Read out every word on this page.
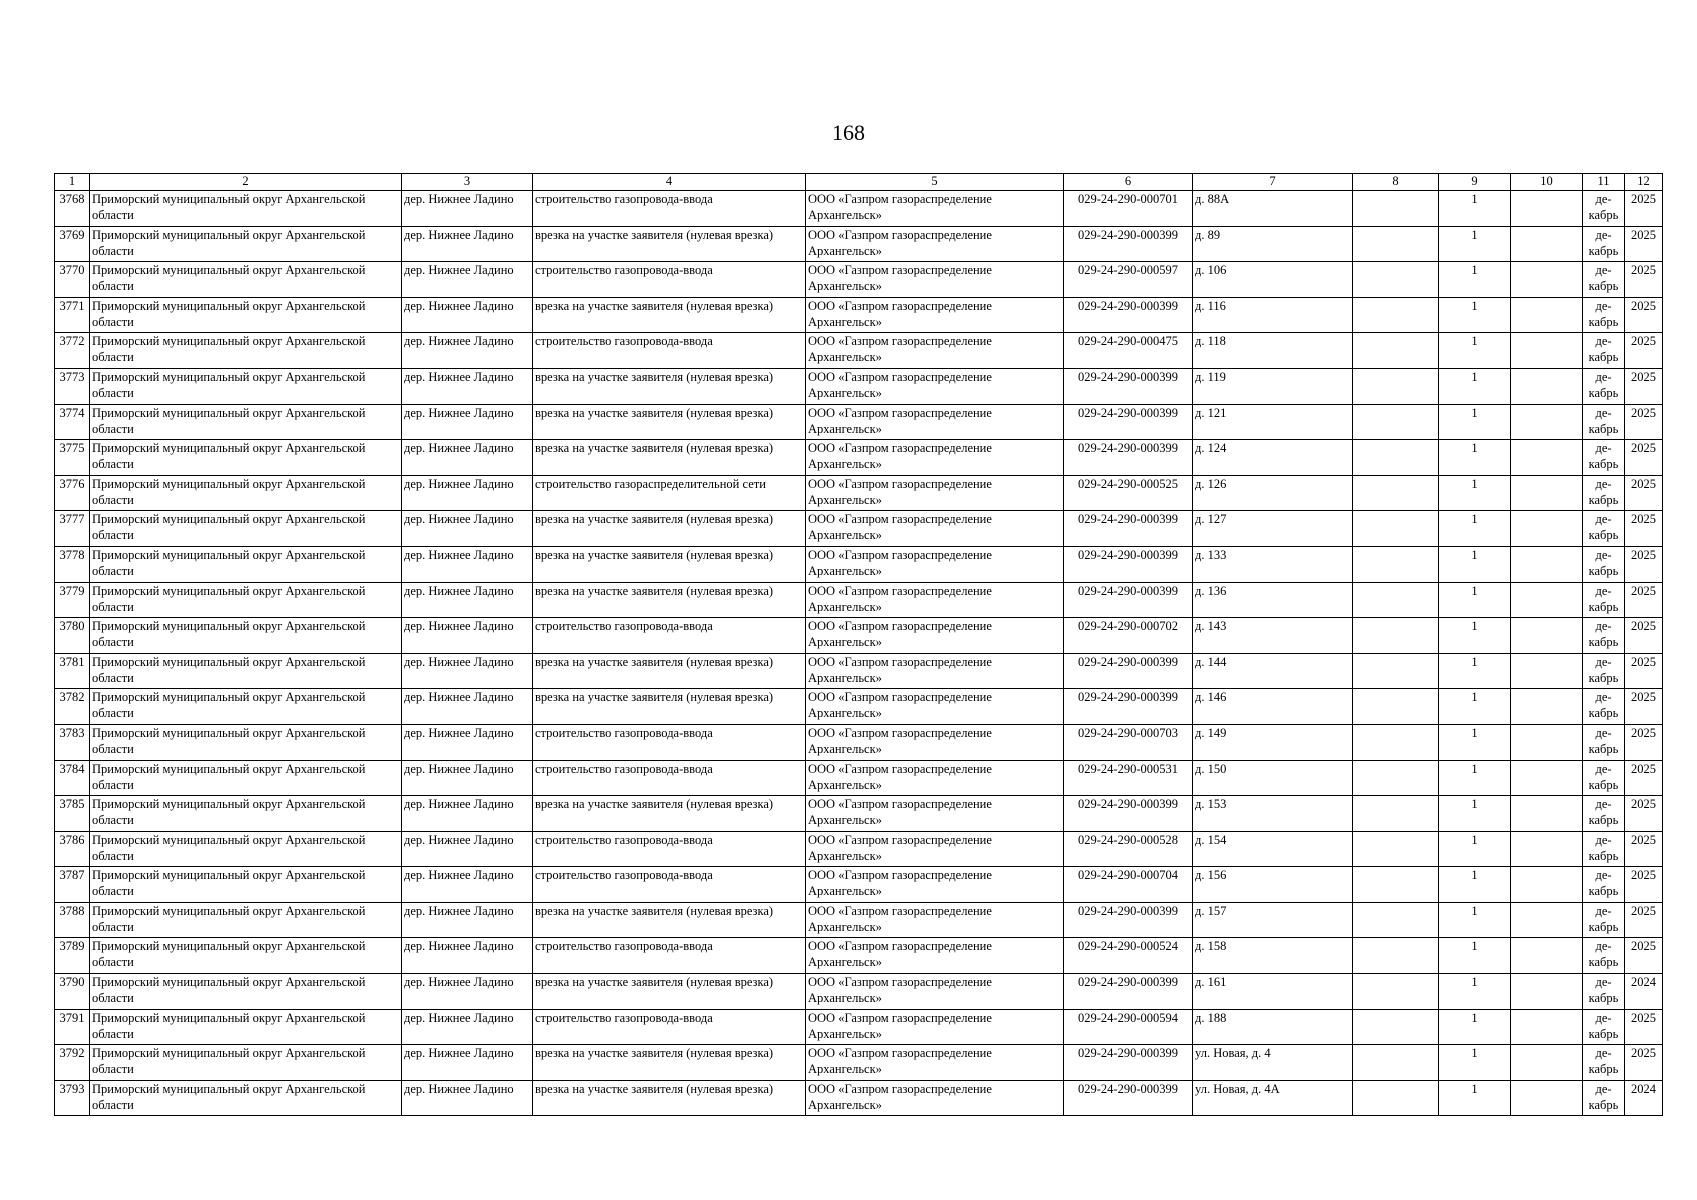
168
1	2	3	4	5	6	7	8	9	10	11	12
3768	Приморский муниципальный округ Архангельской области	дер. Нижнее Ладино	строительство газопровода-ввода	ООО «Газпром газораспределение Архангельск»	029-24-290-000701	д. 88А		1		де-кабрь	2025
3769	Приморский муниципальный округ Архангельской области	дер. Нижнее Ладино	врезка на участке заявителя (нулевая врезка)	ООО «Газпром газораспределение Архангельск»	029-24-290-000399	д. 89		1		де-кабрь	2025
3770	Приморский муниципальный округ Архангельской области	дер. Нижнее Ладино	строительство газопровода-ввода	ООО «Газпром газораспределение Архангельск»	029-24-290-000597	д. 106		1		де-кабрь	2025
3771	Приморский муниципальный округ Архангельской области	дер. Нижнее Ладино	врезка на участке заявителя (нулевая врезка)	ООО «Газпром газораспределение Архангельск»	029-24-290-000399	д. 116		1		де-кабрь	2025
3772	Приморский муниципальный округ Архангельской области	дер. Нижнее Ладино	строительство газопровода-ввода	ООО «Газпром газораспределение Архангельск»	029-24-290-000475	д. 118		1		де-кабрь	2025
3773	Приморский муниципальный округ Архангельской области	дер. Нижнее Ладино	врезка на участке заявителя (нулевая врезка)	ООО «Газпром газораспределение Архангельск»	029-24-290-000399	д. 119		1		де-кабрь	2025
3774	Приморский муниципальный округ Архангельской области	дер. Нижнее Ладино	врезка на участке заявителя (нулевая врезка)	ООО «Газпром газораспределение Архангельск»	029-24-290-000399	д. 121		1		де-кабрь	2025
3775	Приморский муниципальный округ Архангельской области	дер. Нижнее Ладино	врезка на участке заявителя (нулевая врезка)	ООО «Газпром газораспределение Архангельск»	029-24-290-000399	д. 124		1		де-кабрь	2025
3776	Приморский муниципальный округ Архангельской области	дер. Нижнее Ладино	строительство газораспределительной сети	ООО «Газпром газораспределение Архангельск»	029-24-290-000525	д. 126		1		де-кабрь	2025
3777	Приморский муниципальный округ Архангельской области	дер. Нижнее Ладино	врезка на участке заявителя (нулевая врезка)	ООО «Газпром газораспределение Архангельск»	029-24-290-000399	д. 127		1		де-кабрь	2025
3778	Приморский муниципальный округ Архангельской области	дер. Нижнее Ладино	врезка на участке заявителя (нулевая врезка)	ООО «Газпром газораспределение Архангельск»	029-24-290-000399	д. 133		1		де-кабрь	2025
3779	Приморский муниципальный округ Архангельской области	дер. Нижнее Ладино	врезка на участке заявителя (нулевая врезка)	ООО «Газпром газораспределение Архангельск»	029-24-290-000399	д. 136		1		де-кабрь	2025
3780	Приморский муниципальный округ Архангельской области	дер. Нижнее Ладино	строительство газопровода-ввода	ООО «Газпром газораспределение Архангельск»	029-24-290-000702	д. 143		1		де-кабрь	2025
3781	Приморский муниципальный округ Архангельской области	дер. Нижнее Ладино	врезка на участке заявителя (нулевая врезка)	ООО «Газпром газораспределение Архангельск»	029-24-290-000399	д. 144		1		де-кабрь	2025
3782	Приморский муниципальный округ Архангельской области	дер. Нижнее Ладино	врезка на участке заявителя (нулевая врезка)	ООО «Газпром газораспределение Архангельск»	029-24-290-000399	д. 146		1		де-кабрь	2025
3783	Приморский муниципальный округ Архангельской области	дер. Нижнее Ладино	строительство газопровода-ввода	ООО «Газпром газораспределение Архангельск»	029-24-290-000703	д. 149		1		де-кабрь	2025
3784	Приморский муниципальный округ Архангельской области	дер. Нижнее Ладино	строительство газопровода-ввода	ООО «Газпром газораспределение Архангельск»	029-24-290-000531	д. 150		1		де-кабрь	2025
3785	Приморский муниципальный округ Архангельской области	дер. Нижнее Ладино	врезка на участке заявителя (нулевая врезка)	ООО «Газпром газораспределение Архангельск»	029-24-290-000399	д. 153		1		де-кабрь	2025
3786	Приморский муниципальный округ Архангельской области	дер. Нижнее Ладино	строительство газопровода-ввода	ООО «Газпром газораспределение Архангельск»	029-24-290-000528	д. 154		1		де-кабрь	2025
3787	Приморский муниципальный округ Архангельской области	дер. Нижнее Ладино	строительство газопровода-ввода	ООО «Газпром газораспределение Архангельск»	029-24-290-000704	д. 156		1		де-кабрь	2025
3788	Приморский муниципальный округ Архангельской области	дер. Нижнее Ладино	врезка на участке заявителя (нулевая врезка)	ООО «Газпром газораспределение Архангельск»	029-24-290-000399	д. 157		1		де-кабрь	2025
3789	Приморский муниципальный округ Архангельской области	дер. Нижнее Ладино	строительство газопровода-ввода	ООО «Газпром газораспределение Архангельск»	029-24-290-000524	д. 158		1		де-кабрь	2025
3790	Приморский муниципальный округ Архангельской области	дер. Нижнее Ладино	врезка на участке заявителя (нулевая врезка)	ООО «Газпром газораспределение Архангельск»	029-24-290-000399	д. 161		1		де-кабрь	2024
3791	Приморский муниципальный округ Архангельской области	дер. Нижнее Ладино	строительство газопровода-ввода	ООО «Газпром газораспределение Архангельск»	029-24-290-000594	д. 188		1		де-кабрь	2025
3792	Приморский муниципальный округ Архангельской области	дер. Нижнее Ладино	врезка на участке заявителя (нулевая врезка)	ООО «Газпром газораспределение Архангельск»	029-24-290-000399	ул. Новая, д. 4		1		де-кабрь	2025
3793	Приморский муниципальный округ Архангельской области	дер. Нижнее Ладино	врезка на участке заявителя (нулевая врезка)	ООО «Газпром газораспределение Архангельск»	029-24-290-000399	ул. Новая, д. 4А		1		де-кабрь	2024
